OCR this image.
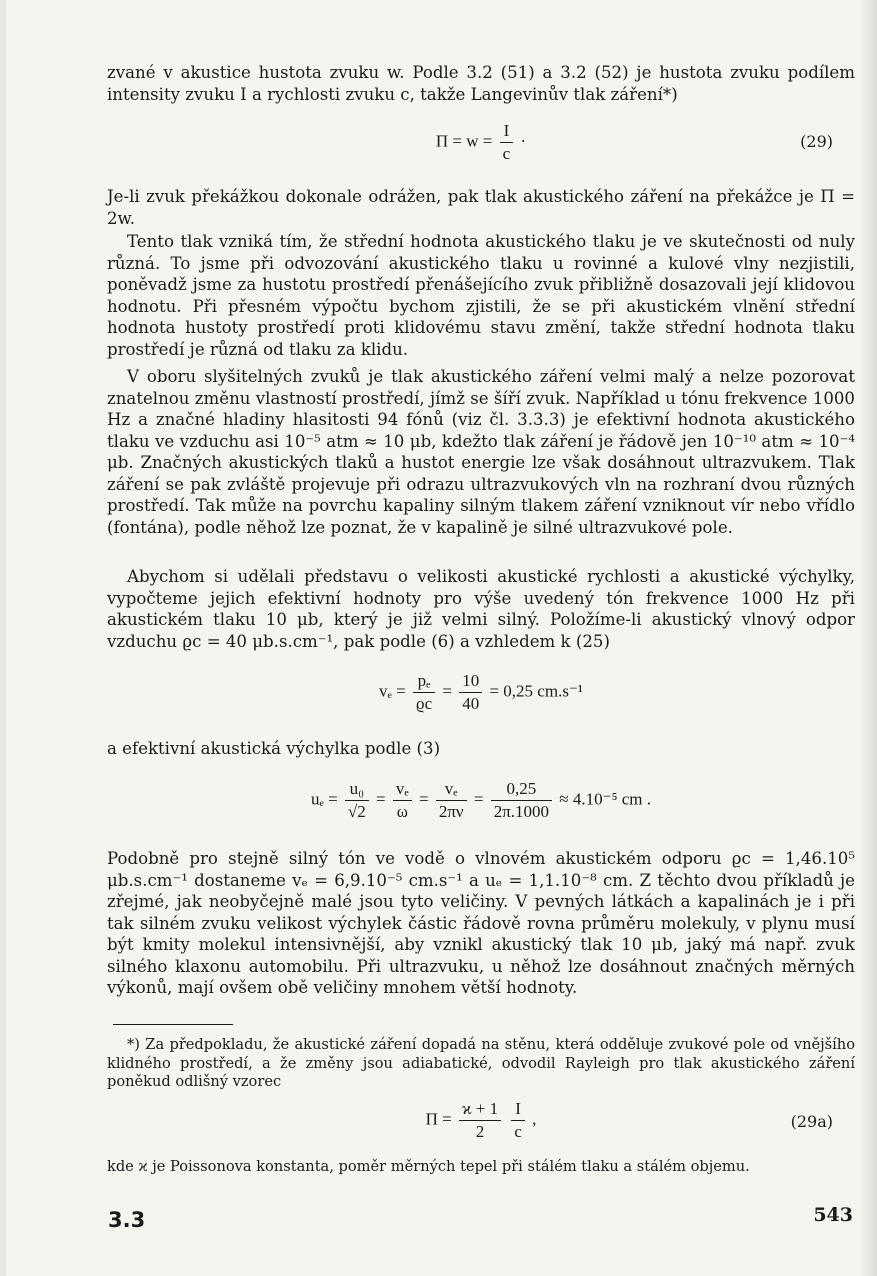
zvané v akustice hustota zvuku w. Podle 3.2 (51) a 3.2 (52) je hustota zvuku podílem intensity zvuku I a rychlosti zvuku c, takže Langevinův tlak záření*)

$\Pi = w = \frac{I}{c}$ ·	(29)

Je-li zvuk překážkou dokonale odrážen, pak tlak akustického záření na překážce je Π = 2w.

Tento tlak vzniká tím, že střední hodnota akustického tlaku je ve skutečnosti od nuly různá. To jsme při odvozování akustického tlaku u rovinné a kulové vlny nezjistili, poněvadž jsme za hustotu prostředí přenášejícího zvuk přibližně dosazovali její klidovou hodnotu. Při přesném výpočtu bychom zjistili, že se při akustickém vlnění střední hodnota hustoty prostředí proti klidovému stavu změní, takže střední hodnota tlaku prostředí je různá od tlaku za klidu.

V oboru slyšitelných zvuků je tlak akustického záření velmi malý a nelze pozorovat znatelnou změnu vlastností prostředí, jímž se šíří zvuk. Například u tónu frekvence 1000 Hz a značné hladiny hlasitosti 94 fónů (viz čl. 3.3.3) je efektivní hodnota akustického tlaku ve vzduchu asi 10⁻⁵ atm ≈ 10 μb, kdežto tlak záření je řádově jen 10⁻¹⁰ atm ≈ 10⁻⁴ μb. Značných akustických tlaků a hustot energie lze však dosáhnout ultrazvukem. Tlak záření se pak zvláště projevuje při odrazu ultrazvukových vln na rozhraní dvou různých prostředí. Tak může na povrchu kapaliny silným tlakem záření vzniknout vír nebo vřídlo (fontána), podle něhož lze poznat, že v kapalině je silné ultrazvukové pole.

Abychom si udělali představu o velikosti akustické rychlosti a akustické výchylky, vypočteme jejich efektivní hodnoty pro výše uvedený tón frekvence 1000 Hz při akustickém tlaku 10 μb, který je již velmi silný. Položíme-li akustický vlnový odpor vzduchu ϱc = 40 μb.s.cm⁻¹, pak podle (6) a vzhledem k (25)

$v_e = \frac{\text{pₑ}}{ϱc} = \frac{10}{40} = 0,25$ cm.s⁻¹

a efektivní akustická výchylka podle (3)

$u_e = \frac{\text{u₀}}{√2} = \frac{\text{vₑ}}{\omega} = \frac{\text{vₑ}}{2\pi\nu} = \frac{0,25}{2\pi.1000} \approx 4.10^{-5}$ cm .

Podobně pro stejně silný tón ve vodě o vlnovém akustickém odporu ϱc = 1,46.10⁵ μb.s.cm⁻¹ dostaneme vₑ = 6,9.10⁻⁵ cm.s⁻¹ a uₑ = 1,1.10⁻⁸ cm. Z těchto dvou příkladů je zřejmé, jak neobyčejně malé jsou tyto veličiny. V pevných látkách a kapalinách je i při tak silném zvuku velikost výchylek částic řádově rovna průměru molekuly, v plynu musí být kmity molekul intensivnější, aby vznikl akustický tlak 10 μb, jaký má např. zvuk silného klaxonu automobilu. Při ultrazvuku, u něhož lze dosáhnout značných měrných výkonů, mají ovšem obě veličiny mnohem větší hodnoty.

*) Za předpokladu, že akustické záření dopadá na stěnu, která odděluje zvukové pole od vnějšího klidného prostředí, a že změny jsou adiabatické, odvodil Rayleigh pro tlak akustického záření poněkud odlišný vzorec

$\Pi = \frac{ϰ + 1}{2}$
$\frac{I}{c}$ ,	(29a)

kde ϰ je Poissonova konstanta, poměr měrných tepel při stálém tlaku a stálém objemu.

3.3	543
